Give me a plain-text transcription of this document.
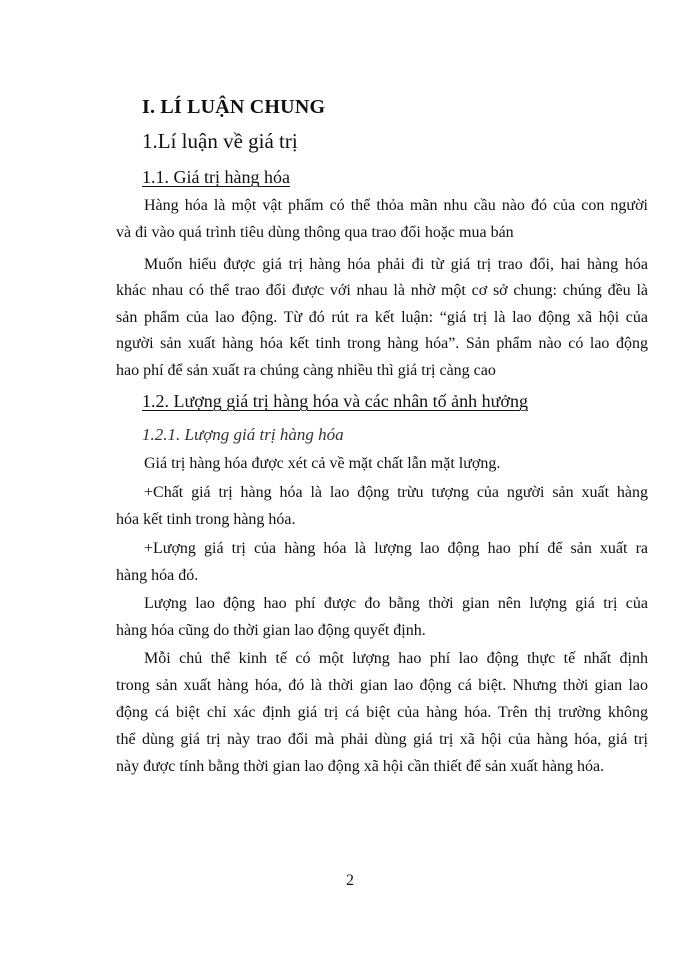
I. LÍ LUẬN CHUNG
1.Lí luận về giá trị
1.1. Giá trị hàng hóa
Hàng hóa là một vật phẩm có thể thỏa mãn nhu cầu nào đó của con người
và đi vào quá trình tiêu dùng thông qua trao đổi hoặc mua bán
Muốn hiểu được giá trị hàng hóa phải đi từ giá trị trao đổi, hai hàng hóa
khác nhau có thể trao đổi được với nhau là nhờ một cơ sở chung: chúng đều là
sản phẩm của lao động. Từ đó rút ra kết luận: “giá trị là lao động xã hội của
người sản xuất hàng hóa kết tinh trong hàng hóa”. Sản phẩm nào có lao động
hao phí để sản xuất ra chúng càng nhiều thì giá trị càng cao
1.2. Lượng giá trị hàng hóa và các nhân tố ảnh hưởng
1.2.1. Lượng giá trị hàng hóa
Giá trị hàng hóa được xét cả về mặt chất lẫn mặt lượng.
+Chất giá trị hàng hóa là lao động trừu tượng của người sản xuất hàng
hóa kết tinh trong hàng hóa.
+Lượng giá trị của hàng hóa là lượng lao động hao phí để sản xuất ra
hàng hóa đó.
Lượng lao động hao phí được đo bằng thời gian nên lượng giá trị của
hàng hóa cũng do thời gian lao động quyết định.
Mỗi chủ thể kinh tế có một lượng hao phí lao động thực tế nhất định
trong sản xuất hàng hóa, đó là thời gian lao động cá biệt. Nhưng thời gian lao
động cá biệt chỉ xác định giá trị cá biệt của hàng hóa. Trên thị trường không
thể dùng giá trị này trao đổi mà phải dùng giá trị xã hội của hàng hóa, giá trị
này được tính bằng thời gian lao động xã hội cần thiết để sản xuất hàng hóa.
2
